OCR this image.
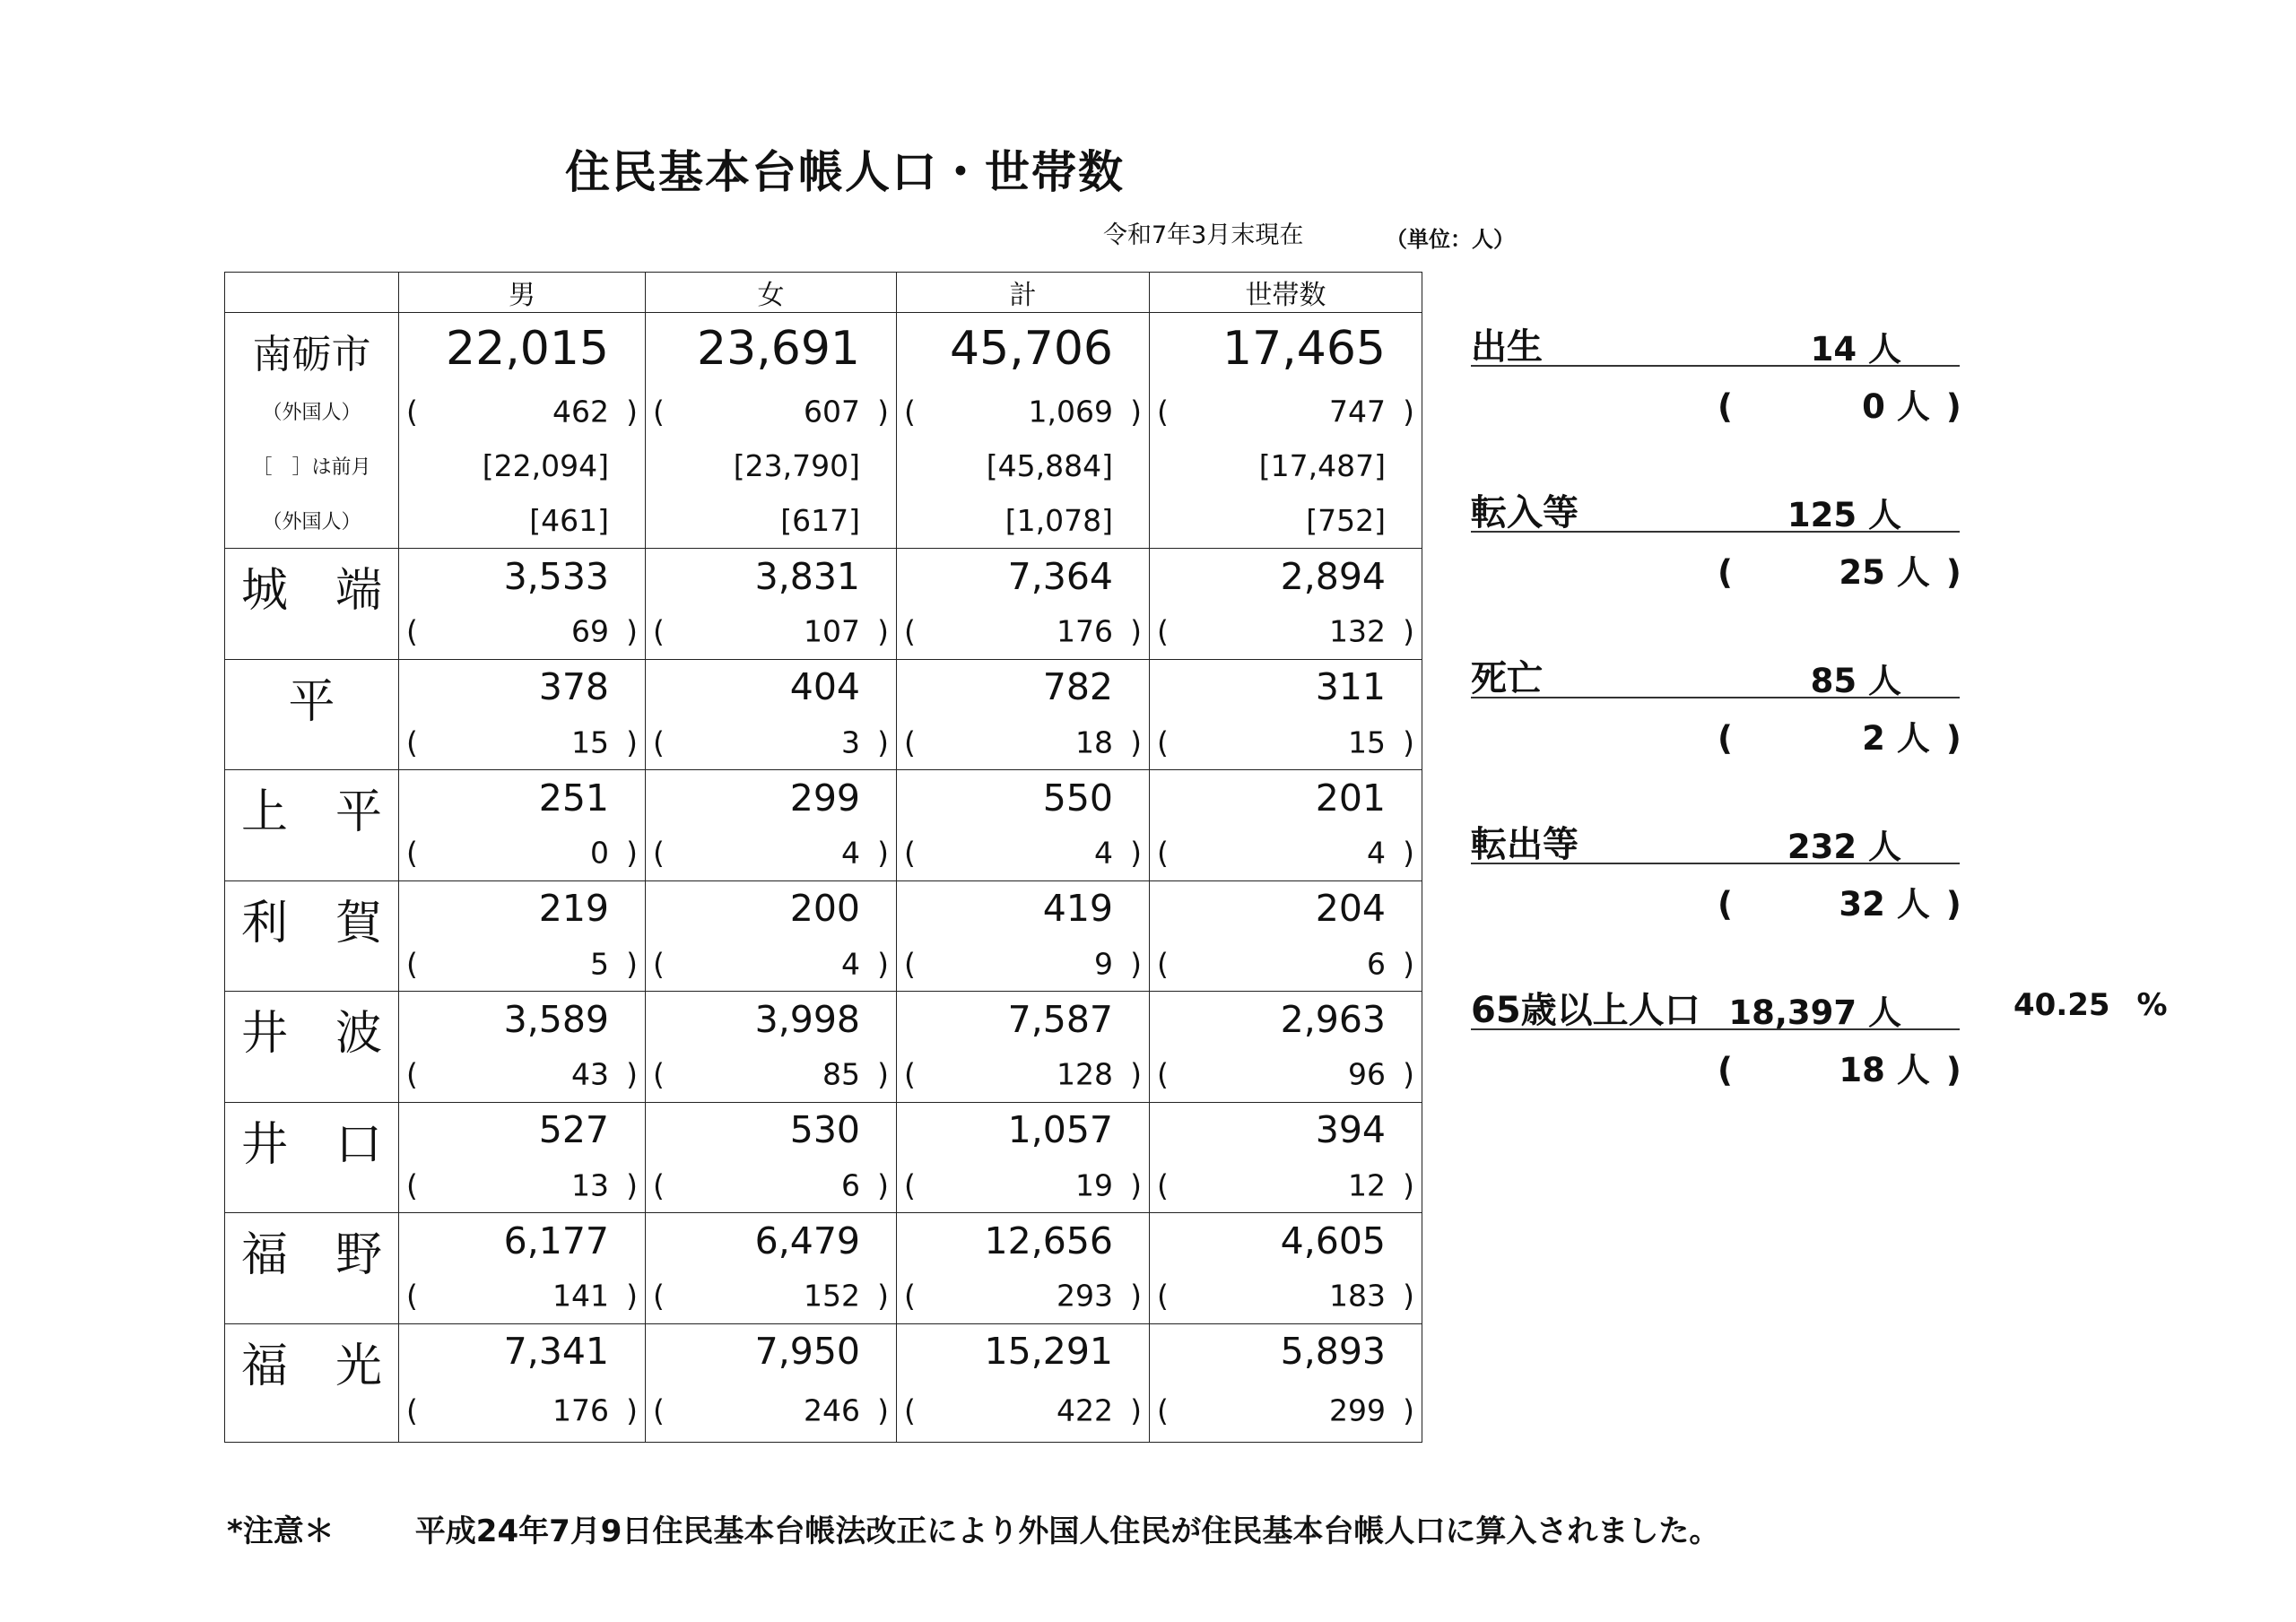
住民基本台帳人口・世帯数
令和7年3月末現在	（単位：人）
	男	女	計	世帯数
南砺市	22,015	23,691	45,706	17,465
（外国人）	( 462 )	( 607 )	( 1,069 )	( 747 )

［　］は前月	[22,094]	[23,790]	[45,884]	[17,487]
（外国人）	[461]	[617]	[1,078]	[752]

城 端	3,533	3,831	7,364	2,894

	( 69 )	( 107 )	( 176 )	( 132 )

平	378	404	782	311

	( 15 )	( 3 )	( 18 )	( 15 )

上 平	251	299	550	201

	( 0 )	( 4 )	( 4 )	( 4 )

利 賀	219	200	419	204

	( 5 )	( 4 )	( 9 )	( 6 )

井 波	3,589	3,998	7,587	2,963

	( 43 )	( 85 )	( 128 )	( 96 )

井 口	527	530	1,057	394

	( 13 )	( 6 )	( 19 )	( 12 )

福 野	6,177	6,479	12,656	4,605

	( 141 )	( 152 )	( 293 )	( 183 )

福 光	7,341	7,950	15,291	5,893

	( 176 )	( 246 )	( 422 )	( 299 )
出生	14 人
(	0 人 )
転入等	125 人
(	25 人 )
死亡	85 人
(	2 人 )
転出等	232 人
(	32 人 )
65歳以上人口 18,397 人
(	18 人 )
40.25 %
*注意＊	平成24年7月9日住民基本台帳法改正により外国人住民が住民基本台帳人口に算入されました。
